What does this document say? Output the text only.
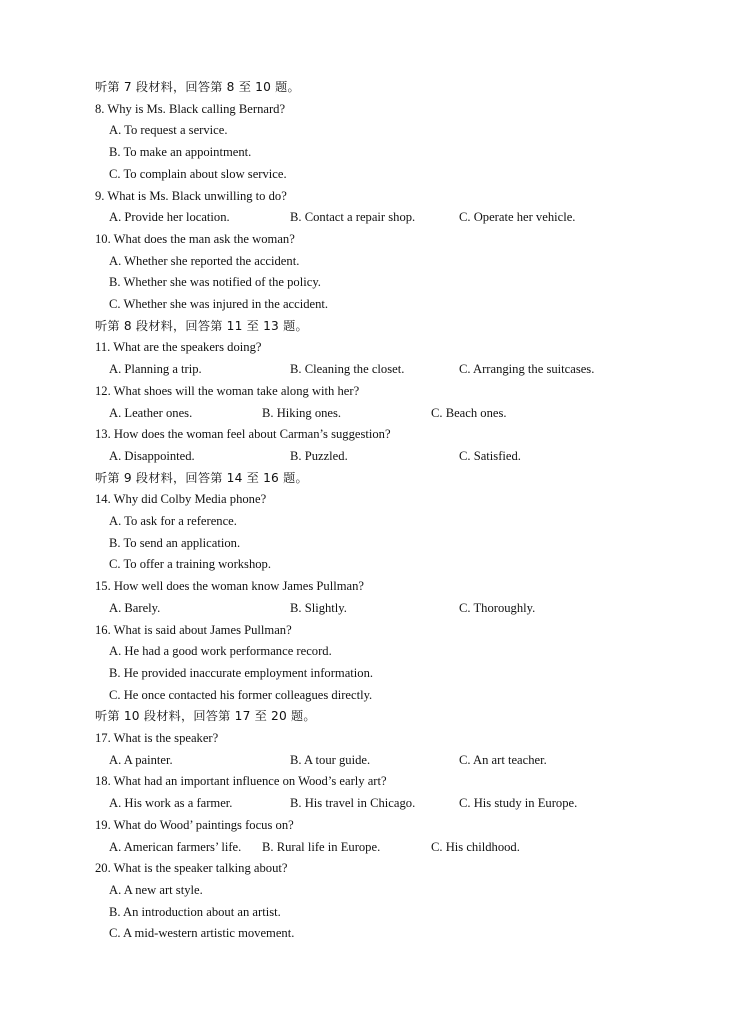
听第 7 段材料，回答第 8 至 10 题。
8. Why is Ms. Black calling Bernard?
A. To request a service.
B. To make an appointment.
C. To complain about slow service.
9. What is Ms. Black unwilling to do?
A. Provide her location.	B. Contact a repair shop.	C. Operate her vehicle.
10. What does the man ask the woman?
A. Whether she reported the accident.
B. Whether she was notified of the policy.
C. Whether she was injured in the accident.
听第 8 段材料，回答第 11 至 13 题。
11. What are the speakers doing?
A. Planning a trip.	B. Cleaning the closet.	C. Arranging the suitcases.
12. What shoes will the woman take along with her?
A. Leather ones.	B. Hiking ones.	C. Beach ones.
13. How does the woman feel about Carman’s suggestion?
A. Disappointed.	B. Puzzled.	C. Satisfied.
听第 9 段材料，回答第 14 至 16 题。
14. Why did Colby Media phone?
A. To ask for a reference.
B. To send an application.
C. To offer a training workshop.
15. How well does the woman know James Pullman?
A. Barely.	B. Slightly.	C. Thoroughly.
16. What is said about James Pullman?
A. He had a good work performance record.
B. He provided inaccurate employment information.
C. He once contacted his former colleagues directly.
听第 10 段材料，回答第 17 至 20 题。
17. What is the speaker?
A. A painter.	B. A tour guide.	C. An art teacher.
18. What had an important influence on Wood’s early art?
A. His work as a farmer.	B. His travel in Chicago.	C. His study in Europe.
19. What do Wood’ paintings focus on?
A. American farmers’ life. B. Rural life in Europe.	C. His childhood.
20. What is the speaker talking about?
A. A new art style.
B. An introduction about an artist.
C. A mid-western artistic movement.
